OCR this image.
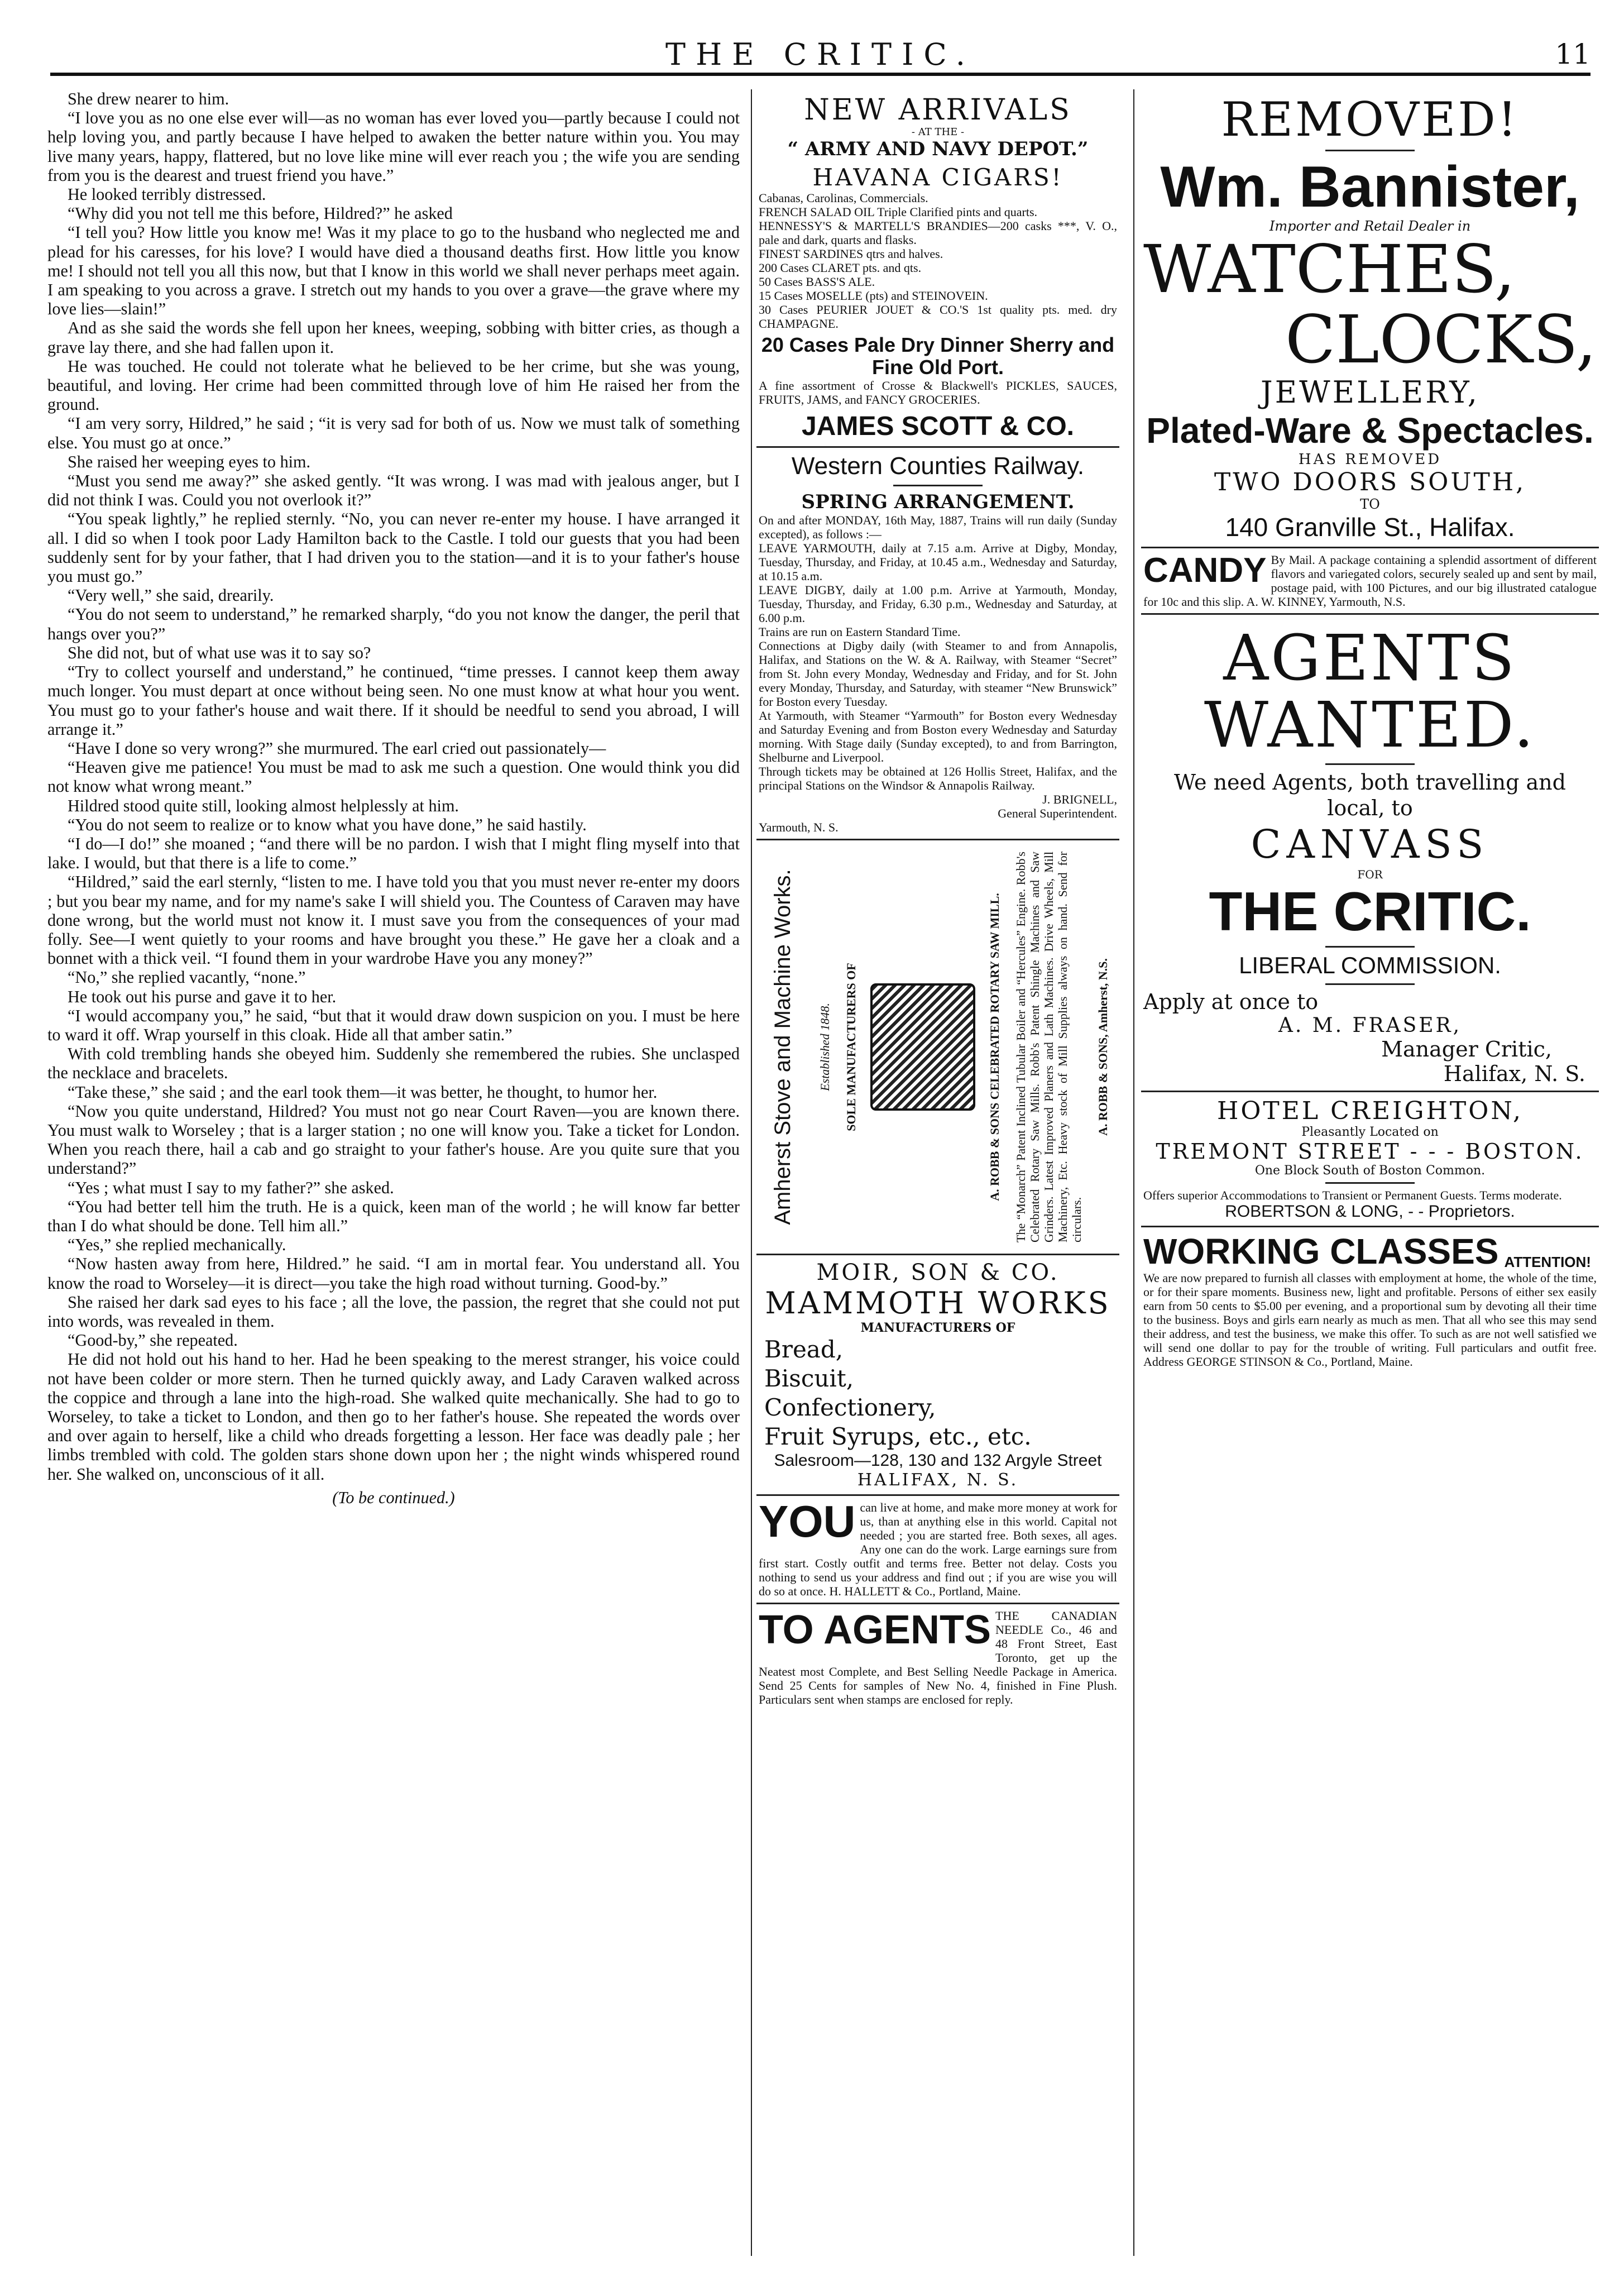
THE CRITIC.	11

She drew nearer to him.

“I love you as no one else ever will—as no woman has ever loved you—partly because I could not help loving you, and partly because I have helped to awaken the better nature within you. You may live many years, happy, flattered, but no love like mine will ever reach you ; the wife you are sending from you is the dearest and truest friend you have.”

He looked terribly distressed.

“Why did you not tell me this before, Hildred?” he asked

“I tell you? How little you know me! Was it my place to go to the husband who neglected me and plead for his caresses, for his love? I would have died a thousand deaths first. How little you know me! I should not tell you all this now, but that I know in this world we shall never perhaps meet again. I am speaking to you across a grave. I stretch out my hands to you over a grave—the grave where my love lies—slain!”

And as she said the words she fell upon her knees, weeping, sobbing with bitter cries, as though a grave lay there, and she had fallen upon it.

He was touched. He could not tolerate what he believed to be her crime, but she was young, beautiful, and loving. Her crime had been committed through love of him He raised her from the ground.

“I am very sorry, Hildred,” he said ; “it is very sad for both of us. Now we must talk of something else. You must go at once.”

She raised her weeping eyes to him.

“Must you send me away?” she asked gently. “It was wrong. I was mad with jealous anger, but I did not think I was. Could you not overlook it?”

“You speak lightly,” he replied sternly. “No, you can never re-enter my house. I have arranged it all. I did so when I took poor Lady Hamilton back to the Castle. I told our guests that you had been suddenly sent for by your father, that I had driven you to the station—and it is to your father's house you must go.”

“Very well,” she said, drearily.

“You do not seem to understand,” he remarked sharply, “do you not know the danger, the peril that hangs over you?”

She did not, but of what use was it to say so?

“Try to collect yourself and understand,” he continued, “time presses. I cannot keep them away much longer. You must depart at once without being seen. No one must know at what hour you went. You must go to your father's house and wait there. If it should be needful to send you abroad, I will arrange it.”

“Have I done so very wrong?” she murmured. The earl cried out passionately—

“Heaven give me patience! You must be mad to ask me such a question. One would think you did not know what wrong meant.”

Hildred stood quite still, looking almost helplessly at him.

“You do not seem to realize or to know what you have done,” he said hastily.

“I do—I do!” she moaned ; “and there will be no pardon. I wish that I might fling myself into that lake. I would, but that there is a life to come.”

“Hildred,” said the earl sternly, “listen to me. I have told you that you must never re-enter my doors ; but you bear my name, and for my name's sake I will shield you. The Countess of Caraven may have done wrong, but the world must not know it. I must save you from the consequences of your mad folly. See—I went quietly to your rooms and have brought you these.” He gave her a cloak and a bonnet with a thick veil. “I found them in your wardrobe Have you any money?”

“No,” she replied vacantly, “none.”

He took out his purse and gave it to her.

“I would accompany you,” he said, “but that it would draw down suspicion on you. I must be here to ward it off. Wrap yourself in this cloak. Hide all that amber satin.”

With cold trembling hands she obeyed him. Suddenly she remembered the rubies. She unclasped the necklace and bracelets.

“Take these,” she said ; and the earl took them—it was better, he thought, to humor her.

“Now you quite understand, Hildred? You must not go near Court Raven—you are known there. You must walk to Worseley ; that is a larger station ; no one will know you. Take a ticket for London. When you reach there, hail a cab and go straight to your father's house. Are you quite sure that you understand?”

“Yes ; what must I say to my father?” she asked.

“You had better tell him the truth. He is a quick, keen man of the world ; he will know far better than I do what should be done. Tell him all.”

“Yes,” she replied mechanically.

“Now hasten away from here, Hildred.” he said. “I am in mortal fear. You understand all. You know the road to Worseley—it is direct—you take the high road without turning. Good-by.”

She raised her dark sad eyes to his face ; all the love, the passion, the regret that she could not put into words, was revealed in them.

“Good-by,” she repeated.

He did not hold out his hand to her. Had he been speaking to the merest stranger, his voice could not have been colder or more stern. Then he turned quickly away, and Lady Caraven walked across the coppice and through a lane into the high-road. She walked quite mechanically. She had to go to Worseley, to take a ticket to London, and then go to her father's house. She repeated the words over and over again to herself, like a child who dreads forgetting a lesson. Her face was deadly pale ; her limbs trembled with cold. The golden stars shone down upon her ; the night winds whispered round her. She walked on, unconscious of it all.

(To be continued.)

NEW ARRIVALS

- AT THE -

“ ARMY AND NAVY DEPOT.”

HAVANA CIGARS!

Cabanas, Carolinas, Commercials.

FRENCH SALAD OIL Triple Clarified pints and quarts.

HENNESSY'S & MARTELL'S BRANDIES—200 casks ***, V. O., pale and dark, quarts and flasks.

FINEST SARDINES qtrs and halves.

200 Cases CLARET pts. and qts.

50 Cases BASS'S ALE.

15 Cases MOSELLE (pts) and STEINOVEIN.

30 Cases PEURIER JOUET & CO.'S 1st quality pts. med. dry CHAMPAGNE.

20 Cases Pale Dry Dinner Sherry and Fine Old Port.

A fine assortment of Crosse & Blackwell's PICKLES, SAUCES, FRUITS, JAMS, and FANCY GROCERIES.

JAMES SCOTT & CO.

Western Counties Railway.

SPRING ARRANGEMENT.

On and after MONDAY, 16th May, 1887, Trains will run daily (Sunday excepted), as follows :—

LEAVE YARMOUTH, daily at 7.15 a.m. Arrive at Digby, Monday, Tuesday, Thursday, and Friday, at 10.45 a.m., Wednesday and Saturday, at 10.15 a.m.

LEAVE DIGBY, daily at 1.00 p.m. Arrive at Yarmouth, Monday, Tuesday, Thursday, and Friday, 6.30 p.m., Wednesday and Saturday, at 6.00 p.m.

Trains are run on Eastern Standard Time.

Connections at Digby daily (with Steamer to and from Annapolis, Halifax, and Stations on the W. & A. Railway, with Steamer “Secret” from St. John every Monday, Wednesday and Friday, and for St. John every Monday, Thursday, and Saturday, with steamer “New Brunswick” for Boston every Tuesday.

At Yarmouth, with Steamer “Yarmouth” for Boston every Wednesday and Saturday Evening and from Boston every Wednesday and Saturday morning. With Stage daily (Sunday excepted), to and from Barrington, Shelburne and Liverpool.

Through tickets may be obtained at 126 Hollis Street, Halifax, and the principal Stations on the Windsor & Annapolis Railway.

J. BRIGNELL,

General Superintendent.

Yarmouth, N. S.

Amherst Stove and Machine Works. Established 1848. SOLE MANUFACTURERS OF	A. ROBB & SONS CELEBRATED ROTARY SAW MILL. The “Monarch” Patent Inclined Tubular Boiler and “Hercules” Engine. Robb's Celebrated Rotary Saw Mills. Robb's Patent Shingle Machines and Saw Grinders. Latest Improved Planers and Lath Machines. Drive Wheels, Mill Machinery, Etc. Heavy stock of Mill Supplies always on hand. Send for circulars.

A. ROBB & SONS, Amherst, N.S.

MOIR, SON & CO.

MAMMOTH WORKS

MANUFACTURERS OF

Bread,
Biscuit,
Confectionery,
Fruit Syrups, etc., etc.

Salesroom—128, 130 and 132 Argyle Street

HALIFAX, N. S.

YOU can live at home, and make more money at work for us, than at anything else in this world. Capital not needed ; you are started free. Both sexes, all ages. Any one can do the work. Large earnings sure from first start. Costly outfit and terms free. Better not delay. Costs you nothing to send us your address and find out ; if you are wise you will do so at once. H. HALLETT & Co., Portland, Maine.

TO AGENTS THE CANADIAN NEEDLE Co., 46 and 48 Front Street, East Toronto, get up the Neatest most Complete, and Best Selling Needle Package in America. Send 25 Cents for samples of New No. 4, finished in Fine Plush. Particulars sent when stamps are enclosed for reply.

REMOVED!

Wm. Bannister,

Importer and Retail Dealer in

WATCHES,

CLOCKS,

JEWELLERY,

Plated-Ware & Spectacles.

HAS REMOVED

TWO DOORS SOUTH,

TO

140 Granville St., Halifax.

CANDY By Mail. A package containing a splendid assortment of different flavors and variegated colors, securely sealed up and sent by mail, postage paid, with 100 Pictures, and our big illustrated catalogue for 10c and this slip. A. W. KINNEY, Yarmouth, N.S.

AGENTS

WANTED.

We need Agents, both travelling and local, to

CANVASS

FOR

THE CRITIC.

LIBERAL COMMISSION.

Apply at once to

A. M. FRASER,

Manager Critic,

Halifax, N. S.

HOTEL CREIGHTON,

Pleasantly Located on

TREMONT STREET - - - BOSTON.

One Block South of Boston Common.

Offers superior Accommodations to Transient or Permanent Guests. Terms moderate.

ROBERTSON & LONG, - - Proprietors.

WORKING CLASSES ATTENTION!

We are now prepared to furnish all classes with employment at home, the whole of the time, or for their spare moments. Business new, light and profitable. Persons of either sex easily earn from 50 cents to $5.00 per evening, and a proportional sum by devoting all their time to the business. Boys and girls earn nearly as much as men. That all who see this may send their address, and test the business, we make this offer. To such as are not well satisfied we will send one dollar to pay for the trouble of writing. Full particulars and outfit free. Address GEORGE STINSON & Co., Portland, Maine.
